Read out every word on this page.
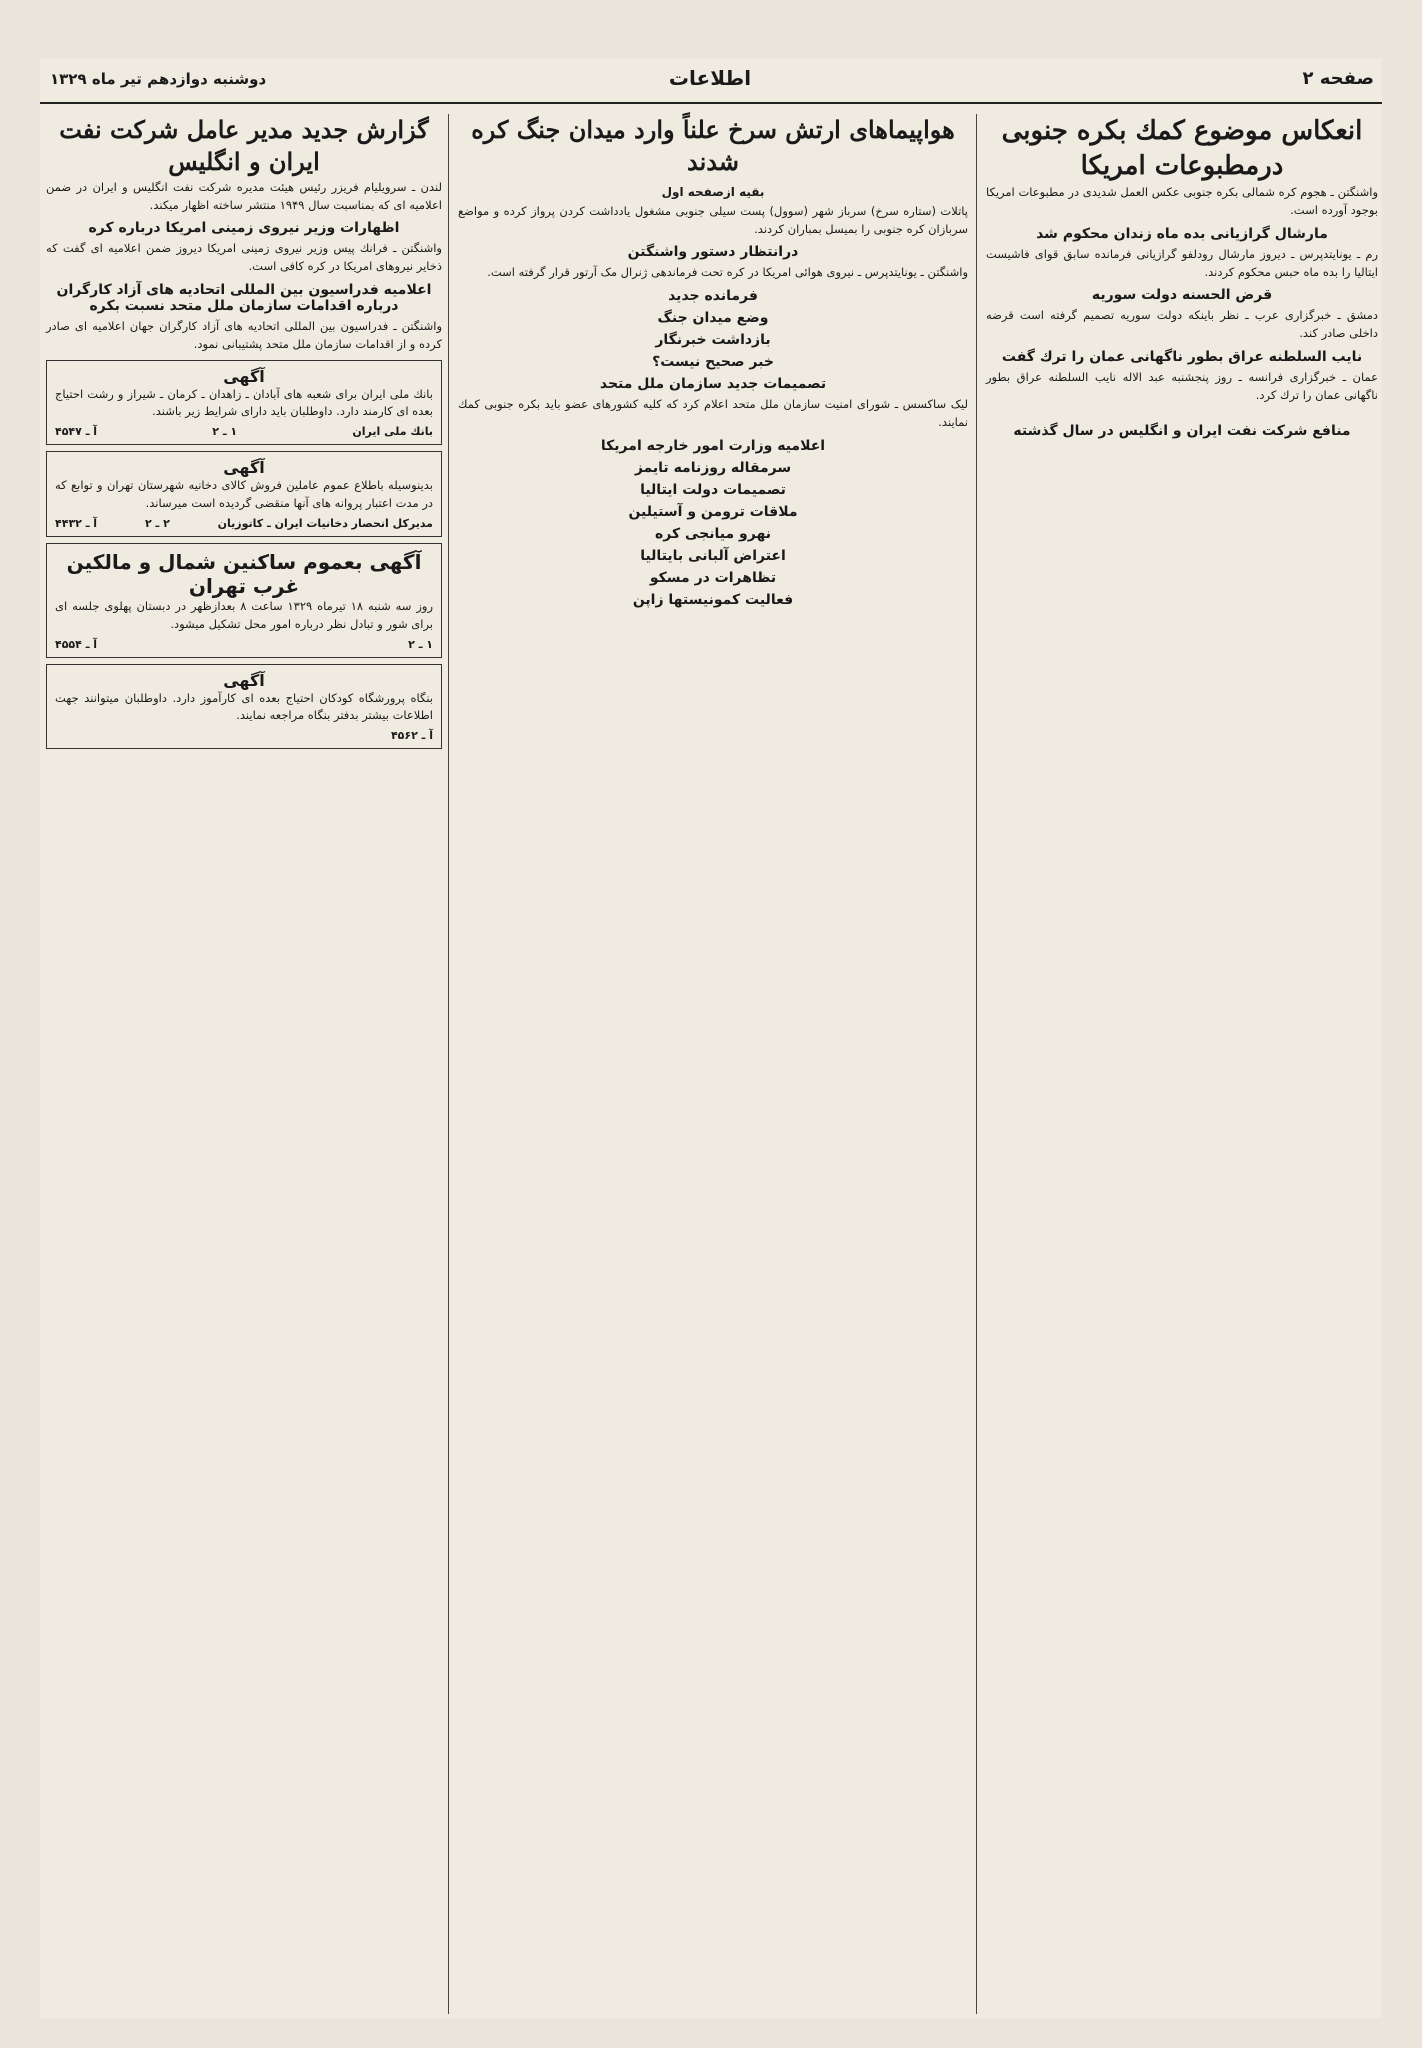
صفحه ۲
اطلاعات
دوشنبه دوازدهم تیر ماه ۱۳۲۹
انعکاس موضوع کمك بکره جنوبی درمطبوعات امریکا
واشنگتن ـ هجوم کره شمالی بکره جنوبی عکس العمل شدیدی در مطبوعات امریکا بوجود آورده است.
مارشال گرازیانی بده ماه زندان محکوم شد
رم ـ یونایتدپرس ـ دیروز مارشال رودلفو گرازیانی فرمانده سابق قوای فاشیست ایتالیا را بده ماه حبس محکوم کردند.
قرض الحسنه دولت سوریه
دمشق ـ خبرگزاری عرب ـ نظر باینکه دولت سوریه تصمیم گرفته است قرضه داخلی صادر کند.
نایب السلطنه عراق بطور ناگهانی عمان را ترك گفت
عمان ـ خبرگزاری فرانسه ـ روز پنجشنبه عبد الاله نایب السلطنه عراق بطور ناگهانی عمان را ترك کرد.
منافع شرکت نفت ایران و انگلیس در سال گذشته
هواپیماهای ارتش سرخ علناً وارد میدان جنگ کره شدند
بقیه ازصفحه اول
پاتلات (ستاره سرخ) سرباز شهر (سوول) پست سیلی جنوبی مشغول یادداشت کردن پرواز کرده و مواضع سربازان کره جنوبی را بمیسل بمباران کردند.
درانتظار دستور واشنگتن
واشنگتن ـ یونایتدپرس ـ نیروی هوائی امریکا در کره تحت فرماندهی ژنرال مک آرتور قرار گرفته است.
فرمانده جدید
وضع میدان جنگ
بازداشت خبرنگار
خبر صحیح نیست؟
تصمیمات جدید سازمان ملل متحد
لیک ساکسس ـ شورای امنیت سازمان ملل متحد اعلام کرد که کلیه کشورهای عضو باید بکره جنوبی کمك نمایند.
اعلامیه وزارت امور خارجه امریکا
سرمقاله روزنامه تایمز
تصمیمات دولت ایتالیا
ملاقات ترومن و آستیلین
نهرو میانجی کره
اعتراض آلبانی بایتالیا
تظاهرات در مسکو
فعالیت کمونیستها زاپن
گزارش جدید مدیر عامل شرکت نفت ایران و انگلیس
لندن ـ سرویلیام فریزر رئیس هیئت مدیره شرکت نفت انگلیس و ایران در ضمن اعلامیه ای که بمناسبت سال ۱۹۴۹ منتشر ساخته اظهار میکند.
اظهارات وزیر نیروی زمینی امریکا درباره کره
واشنگتن ـ فرانك پیس وزیر نیروی زمینی امریکا دیروز ضمن اعلامیه ای گفت که ذخایر نیروهای امریکا در کره کافی است.
اعلامیه فدراسیون بین المللی اتحادیه های آزاد کارگران درباره اقدامات سازمان ملل متحد نسبت بکره
واشنگتن ـ فدراسیون بین المللی اتحادیه های آزاد کارگران جهان اعلامیه ای صادر کرده و از اقدامات سازمان ملل متحد پشتیبانی نمود.
آگهی
بانك ملی ایران برای شعبه های آبادان ـ زاهدان ـ کرمان ـ شیراز و رشت احتیاج بعده ای کارمند دارد. داوطلبان باید دارای شرایط زیر باشند.
بانك ملی ایران
۱ ـ ۲
آ ـ ۴۵۴۷
آگهی
بدینوسیله باطلاع عموم عاملین فروش کالای دخانیه شهرستان تهران و توابع که در مدت اعتبار پروانه های آنها منقضی گردیده است میرساند.
مدیرکل انحصار دخانیات ایران ـ کاتوزیان
۲ ـ ۲
آ ـ ۴۴۳۲
آگهی بعموم ساکنین شمال و مالکین غرب تهران
روز سه شنبه ۱۸ تیرماه ۱۳۲۹ ساعت ۸ بعدازظهر در دبستان پهلوی جلسه ای برای شور و تبادل نظر درباره امور محل تشکیل میشود.
۱ ـ ۲
آ ـ ۴۵۵۴
آگهی
بنگاه پرورشگاه کودکان احتیاج بعده ای کارآموز دارد. داوطلبان میتوانند جهت اطلاعات بیشتر بدفتر بنگاه مراجعه نمایند.
آ ـ ۴۵۶۲
